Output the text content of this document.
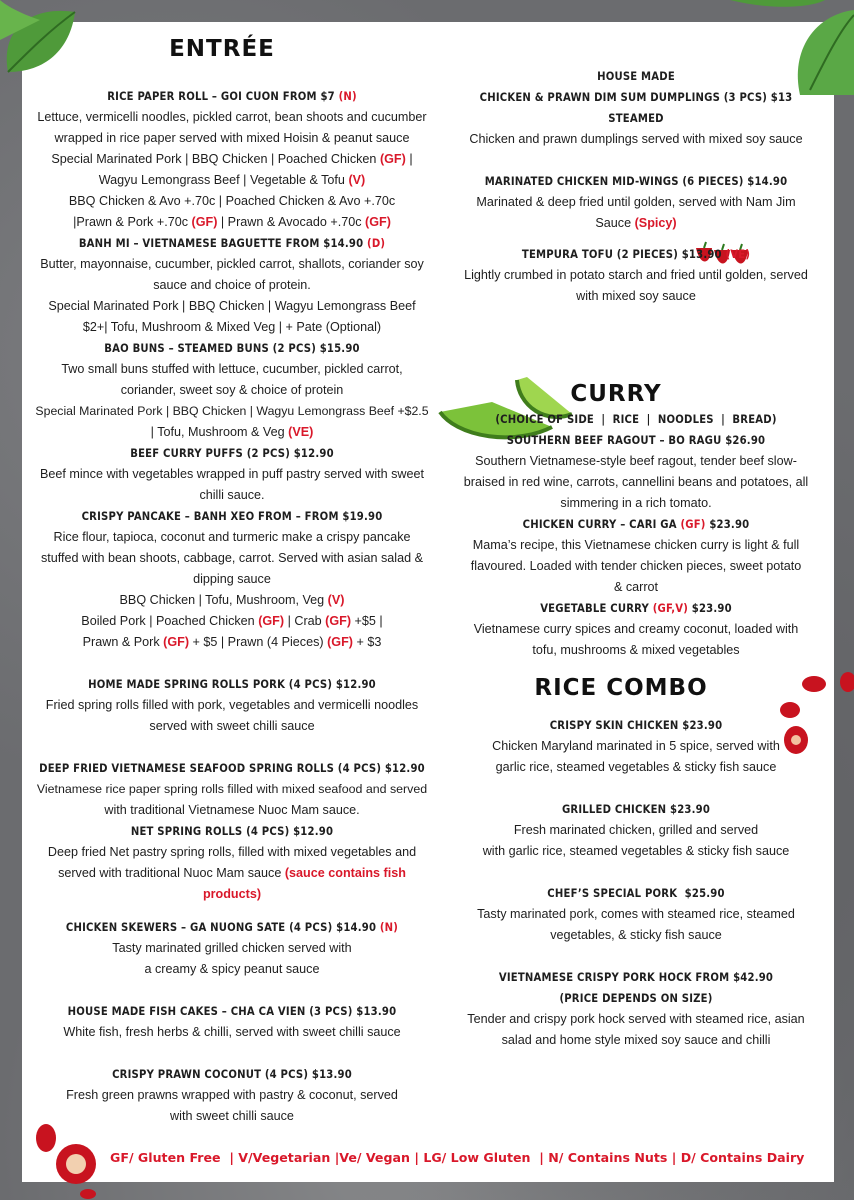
ENTRÉE
RICE PAPER ROLL – GOI CUON FROM $7 (N)
Lettuce, vermicelli noodles, pickled carrot, bean shoots and cucumber
wrapped in rice paper served with mixed Hoisin & peanut sauce
Special Marinated Pork | BBQ Chicken | Poached Chicken (GF) |
Wagyu Lemongrass Beef | Vegetable & Tofu (V)
BBQ Chicken & Avo +.70c | Poached Chicken & Avo +.70c
|Prawn & Pork +.70c (GF) | Prawn & Avocado +.70c (GF)
BANH MI – VIETNAMESE BAGUETTE FROM $14.90 (D)
Butter, mayonnaise, cucumber, pickled carrot, shallots, coriander soy
sauce and choice of protein.
Special Marinated Pork | BBQ Chicken | Wagyu Lemongrass Beef
$2+| Tofu, Mushroom & Mixed Veg | + Pate (Optional)
BAO BUNS – STEAMED BUNS (2 PCS) $15.90
Two small buns stuffed with lettuce, cucumber, pickled carrot,
coriander, sweet soy & choice of protein
Special Marinated Pork | BBQ Chicken | Wagyu Lemongrass Beef +$2.5
| Tofu, Mushroom & Veg (VE)
BEEF CURRY PUFFS (2 PCS) $12.90
Beef mince with vegetables wrapped in puff pastry served with sweet
chilli sauce.
CRISPY PANCAKE – BANH XEO FROM – FROM $19.90
Rice flour, tapioca, coconut and turmeric make a crispy pancake
stuffed with bean shoots, cabbage, carrot. Served with asian salad &
dipping sauce
BBQ Chicken | Tofu, Mushroom, Veg (V)
Boiled Pork | Poached Chicken (GF) | Crab (GF) +$5 |
Prawn & Pork (GF) + $5 | Prawn (4 Pieces) (GF) + $3
HOME MADE SPRING ROLLS PORK (4 PCS) $12.90
Fried spring rolls filled with pork, vegetables and vermicelli noodles
served with sweet chilli sauce
DEEP FRIED VIETNAMESE SEAFOOD SPRING ROLLS (4 PCS) $12.90
Vietnamese rice paper spring rolls filled with mixed seafood and served
with traditional Vietnamese Nuoc Mam sauce.
NET SPRING ROLLS (4 PCS) $12.90
Deep fried Net pastry spring rolls, filled with mixed vegetables and
served with traditional Nuoc Mam sauce (sauce contains fish
products)
CHICKEN SKEWERS – GA NUONG SATE (4 PCS) $14.90 (N)
Tasty marinated grilled chicken served with
a creamy & spicy peanut sauce
HOUSE MADE FISH CAKES – CHA CA VIEN (3 PCS) $13.90
White fish, fresh herbs & chilli, served with sweet chilli sauce
CRISPY PRAWN COCONUT (4 PCS) $13.90
Fresh green prawns wrapped with pastry & coconut, served
with sweet chilli sauce
HOUSE MADE
CHICKEN & PRAWN DIM SUM DUMPLINGS (3 PCS) $13
STEAMED
Chicken and prawn dumplings served with mixed soy sauce
MARINATED CHICKEN MID-WINGS (6 PIECES) $14.90
Marinated & deep fried until golden, served with Nam Jim
Sauce (Spicy)
TEMPURA TOFU (2 PIECES) $13.90 (VE)
Lightly crumbed in potato starch and fried until golden, served
with mixed soy sauce
CURRY
(CHOICE OF SIDE  |  RICE  |  NOODLES  |  BREAD)
SOUTHERN BEEF RAGOUT – BO RAGU $26.90
Southern Vietnamese-style beef ragout, tender beef slow-
braised in red wine, carrots, cannellini beans and potatoes, all
simmering in a rich tomato.
CHICKEN CURRY – CARI GA (GF) $23.90
Mama’s recipe, this Vietnamese chicken curry is light & full
flavoured. Loaded with tender chicken pieces, sweet potato
& carrot
VEGETABLE CURRY (GF,V) $23.90
Vietnamese curry spices and creamy coconut, loaded with
tofu, mushrooms & mixed vegetables
RICE COMBO
CRISPY SKIN CHICKEN $23.90
Chicken Maryland marinated in 5 spice, served with
garlic rice, steamed vegetables & sticky fish sauce
GRILLED CHICKEN $23.90
Fresh marinated chicken, grilled and served
with garlic rice, steamed vegetables & sticky fish sauce
CHEF’S SPECIAL PORK  $25.90
Tasty marinated pork, comes with steamed rice, steamed
vegetables, & sticky fish sauce
VIETNAMESE CRISPY PORK HOCK FROM $42.90
(PRICE DEPENDS ON SIZE)
Tender and crispy pork hock served with steamed rice, asian
salad and home style mixed soy sauce and chilli
GF/ Gluten Free  | V/Vegetarian |Ve/ Vegan | LG/ Low Gluten  | N/ Contains Nuts | D/ Contains Dairy
